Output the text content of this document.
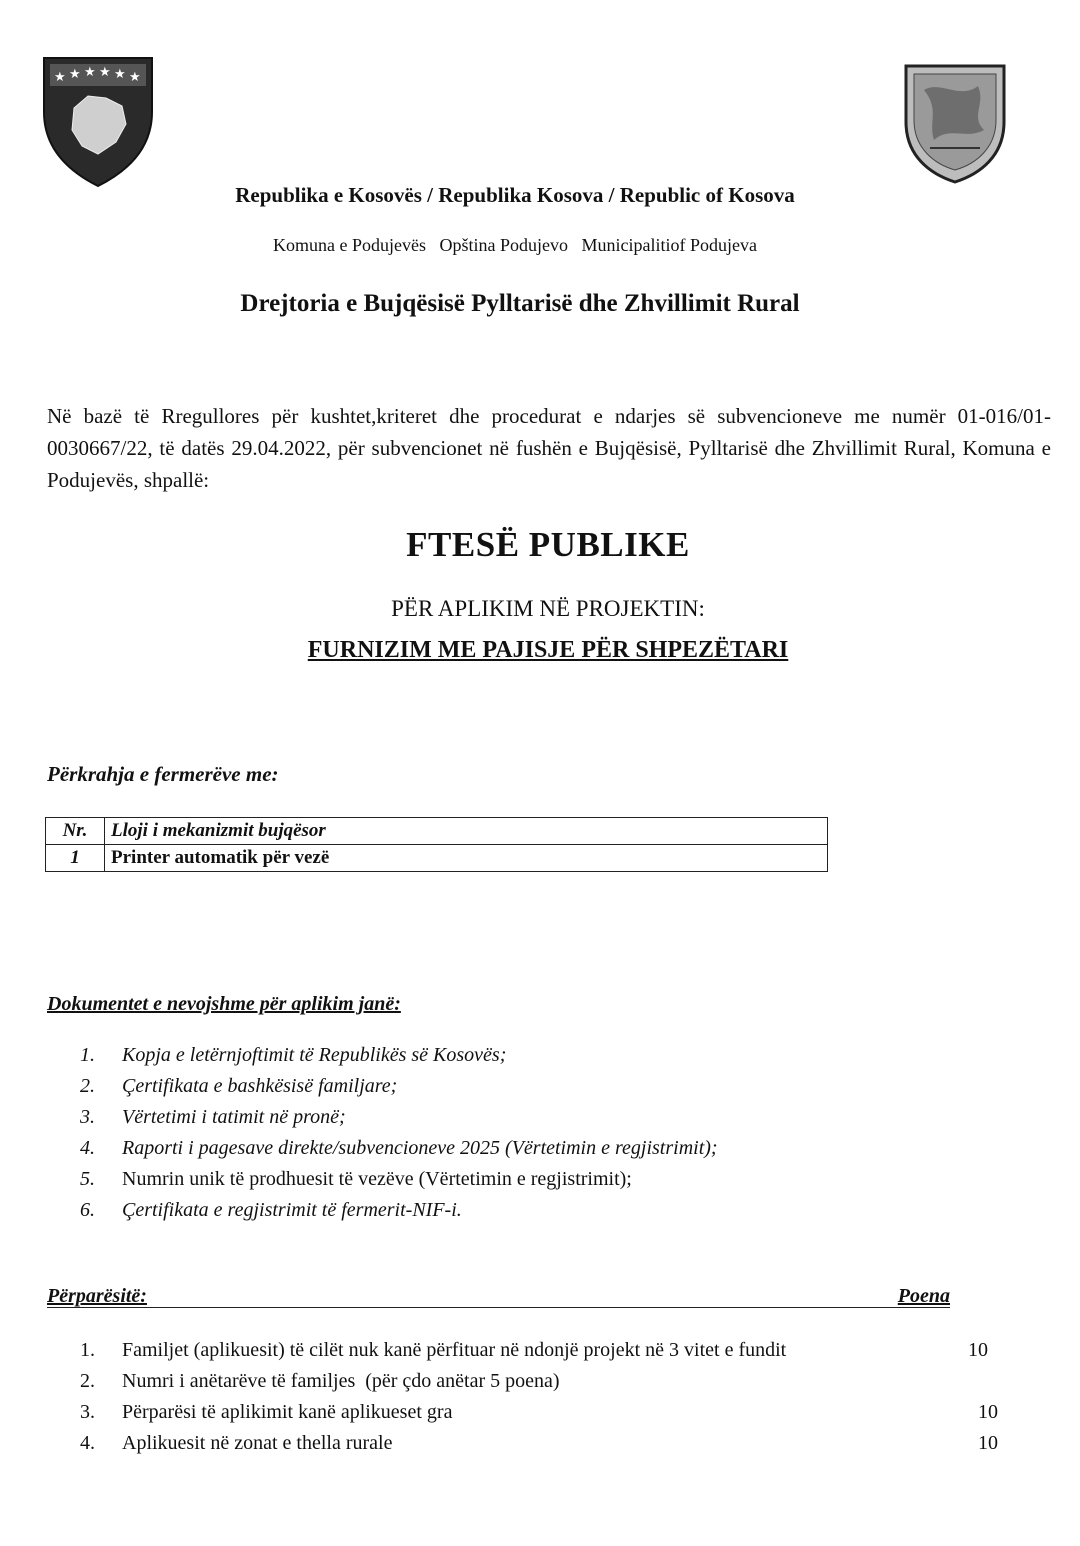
★ ★ ★ ★ ★ ★
Republika e Kosovës / Republika Kosova / Republic of Kosova
Komuna e Podujevës   Opština Podujevo   Municipalitiof Podujeva
Drejtoria e Bujqësisë Pylltarisë dhe Zhvillimit Rural
Në bazë të Rregullores për kushtet,kriteret dhe procedurat e ndarjes së subvencioneve me numër 01-016/01-0030667/22, të datës 29.04.2022, për subvencionet në fushën e Bujqësisë, Pylltarisë dhe Zhvillimit Rural, Komuna e Podujevës, shpallë:
FTESË PUBLIKE
PËR APLIKIM NË PROJEKTIN:
FURNIZIM ME PAJISJE PËR SHPEZËTARI
Përkrahja e fermerëve me:
Nr.	Lloji i mekanizmit bujqësor
1	Printer automatik për vezë
Dokumentet e nevojshme për aplikim janë:
1.	Kopja e letërnjoftimit të Republikës së Kosovës;
2.	Çertifikata e bashkësisë familjare;
3.	Vërtetimi i tatimit në pronë;
4.	Raporti i pagesave direkte/subvencioneve 2025 (Vërtetimin e regjistrimit);
5.	Numrin unik të prodhuesit të vezëve (Vërtetimin e regjistrimit);
6.	Çertifikata e regjistrimit të fermerit-NIF-i.
Përparësitë:	Poena
1.	Familjet (aplikuesit) të cilët nuk kanë përfituar në ndonjë projekt në 3 vitet e fundit	10
2.	Numri i anëtarëve të familjes  (për çdo anëtar 5 poena)
3.	Përparësi të aplikimit kanë aplikueset gra	10
4.	Aplikuesit në zonat e thella rurale	10
